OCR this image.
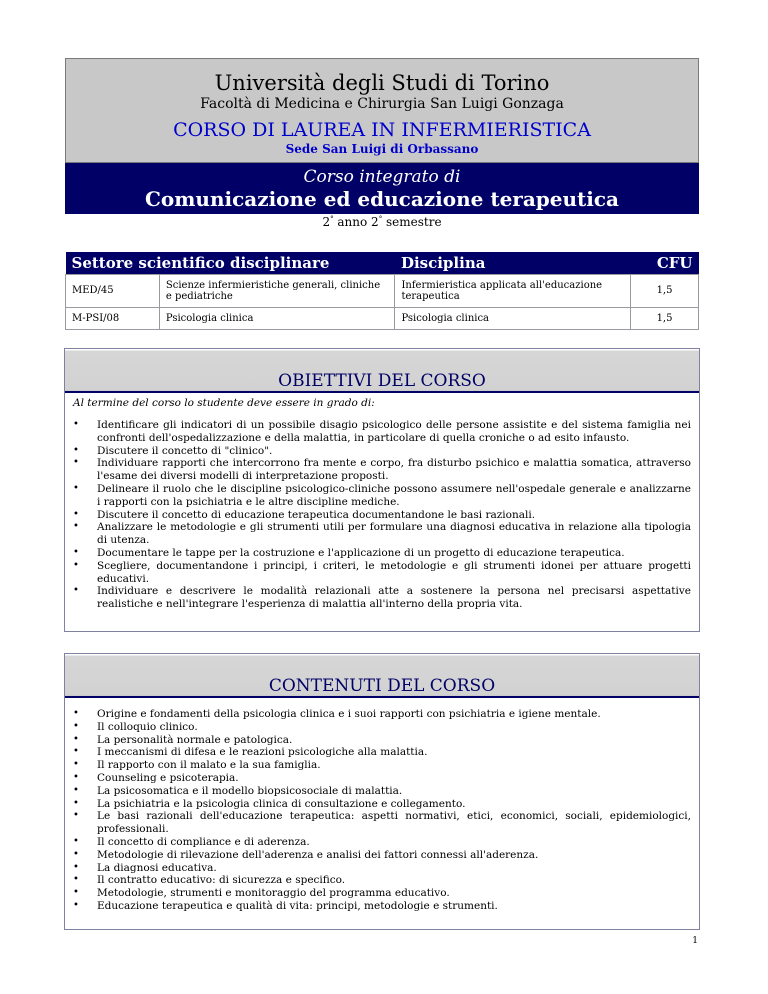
Università degli Studi di Torino
Facoltà di Medicina e Chirurgia San Luigi Gonzaga
CORSO DI LAUREA IN INFERMIERISTICA
Sede San Luigi di Orbassano
Corso integrato di
Comunicazione ed educazione terapeutica
2° anno 2° semestre
Settore scientifico disciplinare		Disciplina	CFU
MED/45	Scienze infermieristiche generali, cliniche e pediatriche	Infermieristica applicata all'educazione terapeutica	1,5
M-PSI/08	Psicologia clinica	Psicologia clinica	1,5
OBIETTIVI DEL CORSO
Al termine del corso lo studente deve essere in grado di:
• Identificare gli indicatori di un possibile disagio psicologico delle persone assistite e del sistema famiglia nei confronti dell'ospedalizzazione e della malattia, in particolare di quella croniche o ad esito infausto.
• Discutere il concetto di "clinico".
• Individuare rapporti che intercorrono fra mente e corpo, fra disturbo psichico e malattia somatica, attraverso l'esame dei diversi modelli di interpretazione proposti.
• Delineare il ruolo che le discipline psicologico-cliniche possono assumere nell'ospedale generale e analizzarne i rapporti con la psichiatria e le altre discipline mediche.
• Discutere il concetto di educazione terapeutica documentandone le basi razionali.
• Analizzare le metodologie e gli strumenti utili per formulare una diagnosi educativa in relazione alla tipologia di utenza.
• Documentare le tappe per la costruzione e l'applicazione di un progetto di educazione terapeutica.
• Scegliere, documentandone i principi, i criteri, le metodologie e gli strumenti idonei per attuare progetti educativi.
• Individuare e descrivere le modalità relazionali atte a sostenere la persona nel precisarsi aspettative realistiche e nell'integrare l'esperienza di malattia all'interno della propria vita.
CONTENUTI DEL CORSO
• Origine e fondamenti della psicologia clinica e i suoi rapporti con psichiatria e igiene mentale.
• Il colloquio clinico.
• La personalità normale e patologica.
• I meccanismi di difesa e le reazioni psicologiche alla malattia.
• Il rapporto con il malato e la sua famiglia.
• Counseling e psicoterapia.
• La psicosomatica e il modello biopsicosociale di malattia.
• La psichiatria e la psicologia clinica di consultazione e collegamento.
• Le basi razionali dell'educazione terapeutica: aspetti normativi, etici, economici, sociali, epidemiologici, professionali.
• Il concetto di compliance e di aderenza.
• Metodologie di rilevazione dell'aderenza e analisi dei fattori connessi all'aderenza.
• La diagnosi educativa.
• Il contratto educativo: di sicurezza e specifico.
• Metodologie, strumenti e monitoraggio del programma educativo.
• Educazione terapeutica e qualità di vita: principi, metodologie e strumenti.
1
